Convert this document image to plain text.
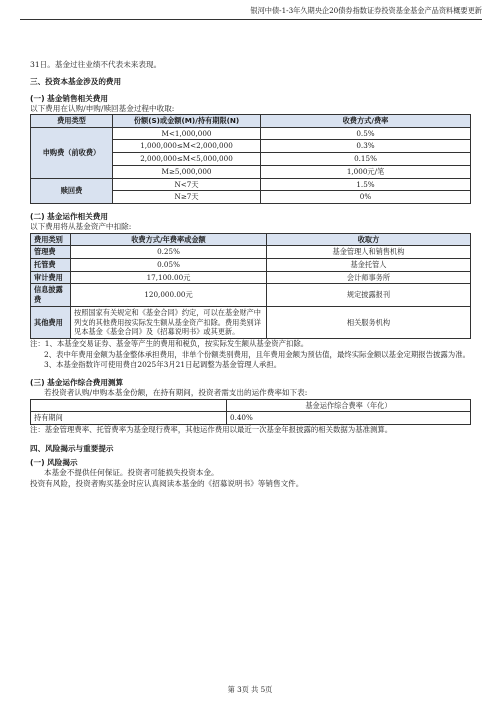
银河中债-1-3年久期央企20债券指数证券投资基金基金产品资料概要更新
31日。基金过往业绩不代表未来表现。
三、投资本基金涉及的费用
(一) 基金销售相关费用
以下费用在认购/申购/赎回基金过程中收取:
费用类型	份额(S)或金额(M)/持有期限(N)	收费方式/费率
申购费（前收费）	M<1,000,000	0.5%
	1,000,000≤M<2,000,000	0.3%
	2,000,000≤M<5,000,000	0.15%
	M≥5,000,000	1,000元/笔
赎回费	N<7天	1.5%
	N≥7天	0%
(二) 基金运作相关费用
以下费用将从基金资产中扣除:
费用类别	收费方式/年费率或金额	收取方
管理费	0.25%	基金管理人和销售机构
托管费	0.05%	基金托管人
审计费用	17,100.00元	会计师事务所
信息披露费	120,000.00元	规定披露报刊
其他费用	按照国家有关规定和《基金合同》约定，可以在基金财产中列支的其他费用按实际发生额从基金资产扣除。费用类别详见本基金《基金合同》及《招募说明书》或其更新。	相关服务机构
注：1、本基金交易证券、基金等产生的费用和税负，按实际发生额从基金资产扣除。
2、表中年费用金额为基金整体承担费用，非单个份额类别费用，且年费用金额为预估值，最终实际金额以基金定期报告披露为准。
3、本基金指数许可使用费自2025年3月21日起调整为基金管理人承担。
(三) 基金运作综合费用测算
若投资者认购/申购本基金份额，在持有期间，投资者需支出的运作费率如下表:
	基金运作综合费率（年化）
持有期间	0.40%
注：基金管理费率、托管费率为基金现行费率，其他运作费用以最近一次基金年报披露的相关数据为基准测算。
四、风险揭示与重要提示
(一) 风险揭示
本基金不提供任何保证。投资者可能损失投资本金。
投资有风险，投资者购买基金时应认真阅读本基金的《招募说明书》等销售文件。
第 3页 共 5页
